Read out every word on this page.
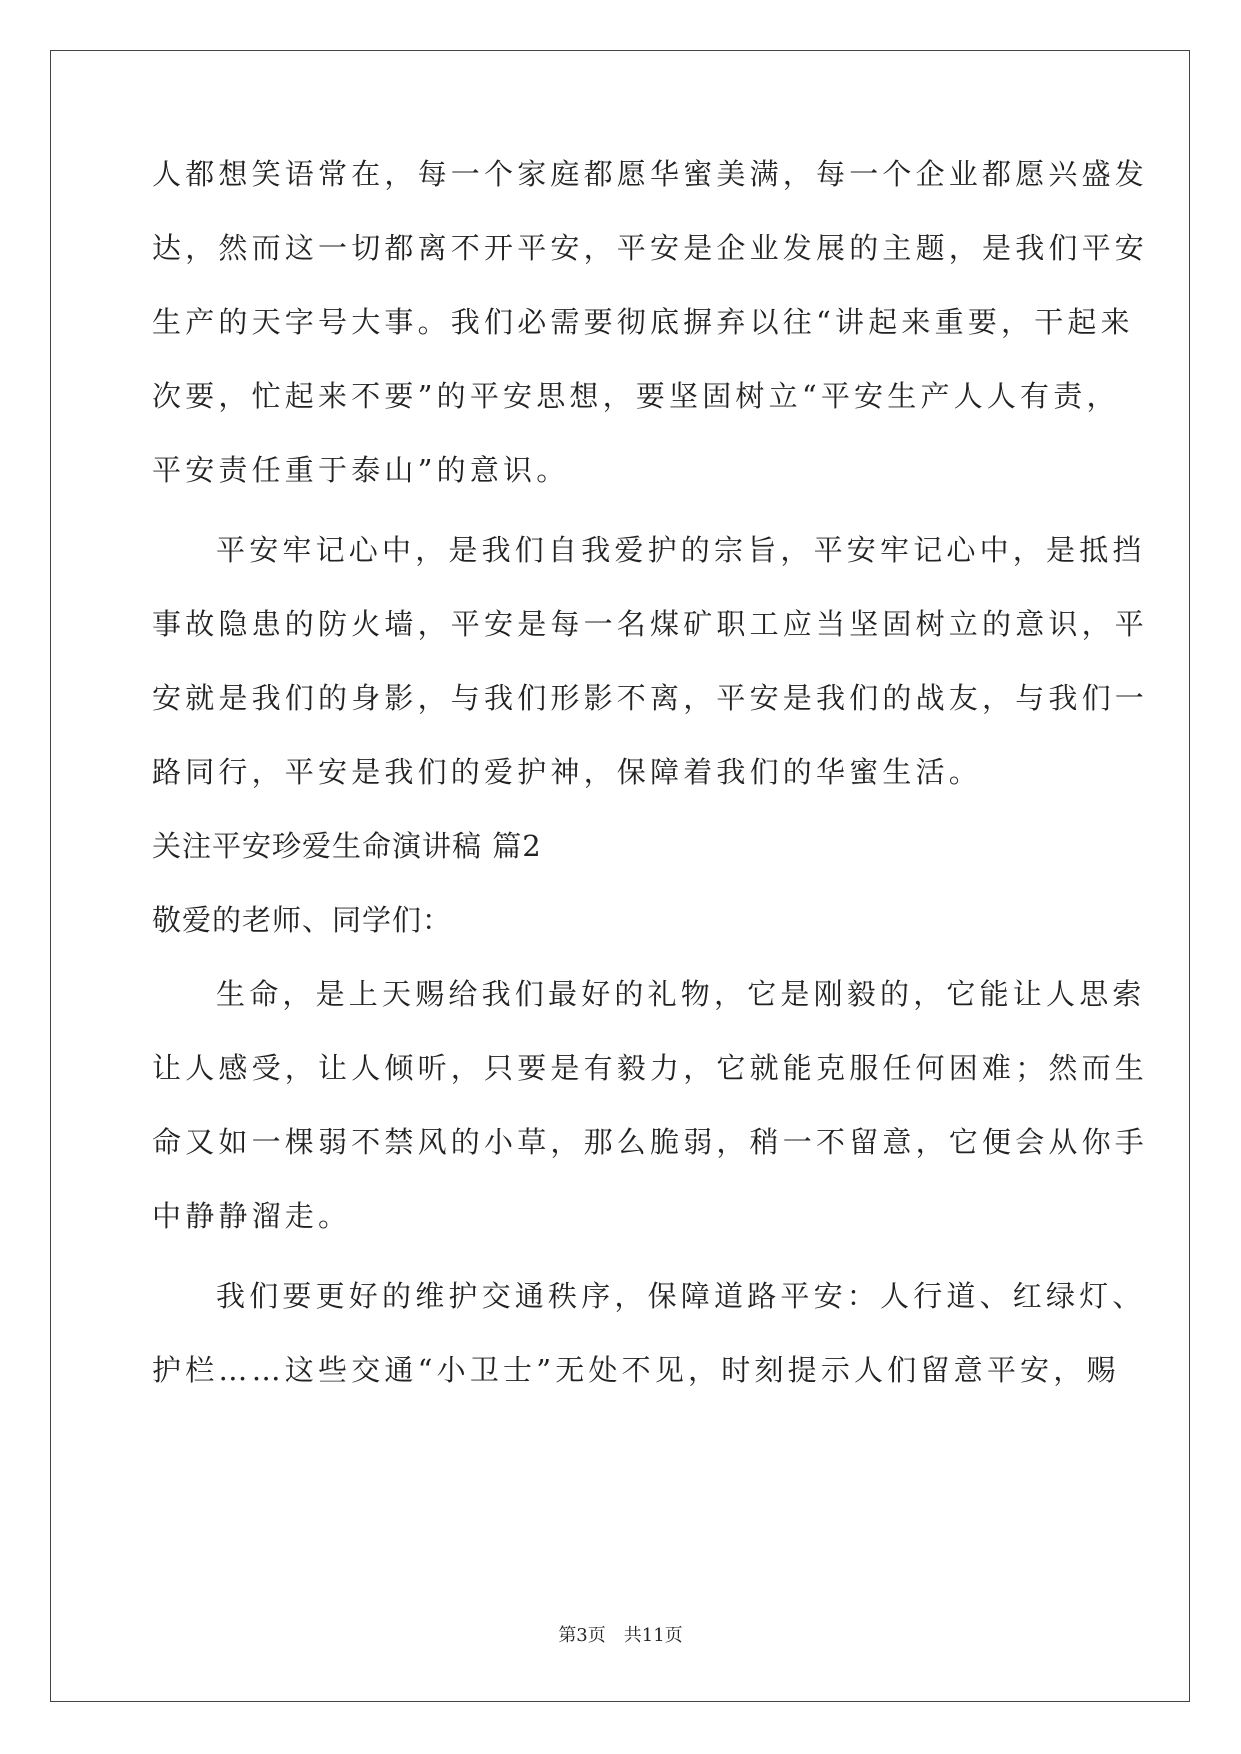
人都想笑语常在，每一个家庭都愿华蜜美满，每一个企业都愿兴盛发
达，然而这一切都离不开平安，平安是企业发展的主题，是我们平安
生产的天字号大事。我们必需要彻底摒弃以往“讲起来重要，干起来
次要，忙起来不要”的平安思想，要坚固树立“平安生产人人有责，
平安责任重于泰山”的意识。
平安牢记心中，是我们自我爱护的宗旨，平安牢记心中，是抵挡
事故隐患的防火墙，平安是每一名煤矿职工应当坚固树立的意识，平
安就是我们的身影，与我们形影不离，平安是我们的战友，与我们一
路同行，平安是我们的爱护神，保障着我们的华蜜生活。
关注平安珍爱生命演讲稿 篇2
敬爱的老师、同学们：
生命，是上天赐给我们最好的礼物，它是刚毅的，它能让人思索
让人感受，让人倾听，只要是有毅力，它就能克服任何困难；然而生
命又如一棵弱不禁风的小草，那么脆弱，稍一不留意，它便会从你手
中静静溜走。
我们要更好的维护交通秩序，保障道路平安：人行道、红绿灯、
护栏……这些交通“小卫士”无处不见，时刻提示人们留意平安，赐
第3页　共11页
